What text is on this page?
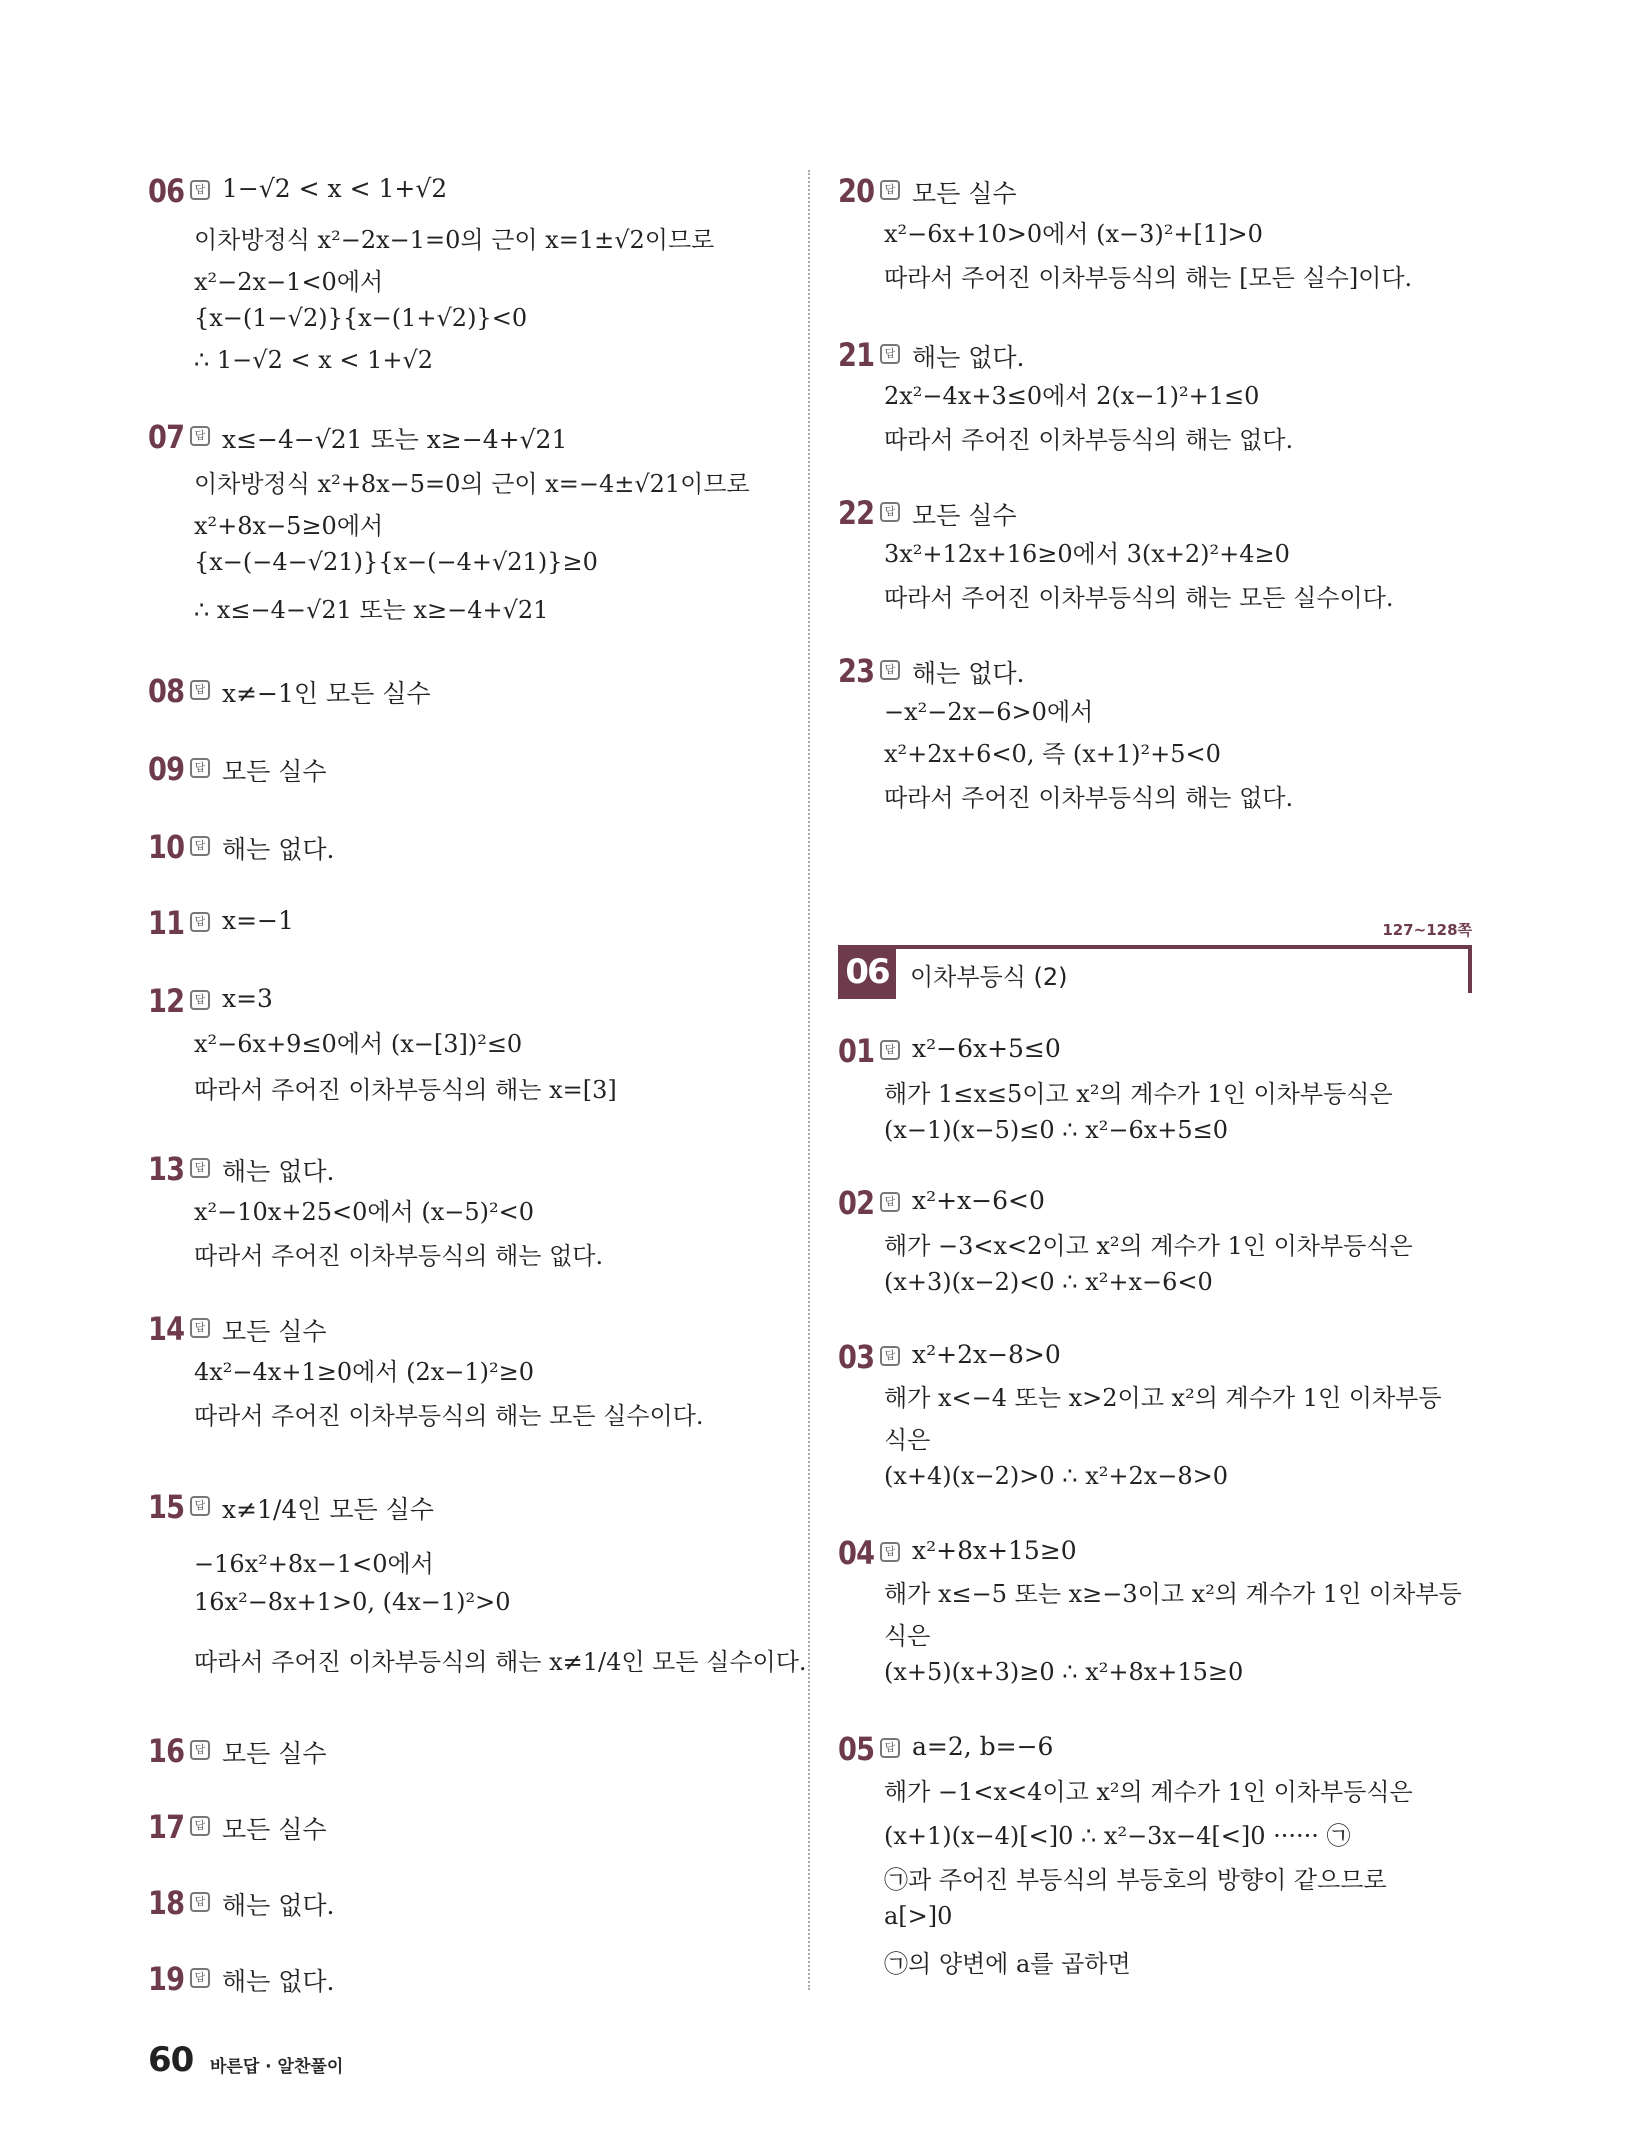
06 답 1−√2 < x < 1+√2
이차방정식 x²−2x−1=0의 근이 x=1±√2이므로
x²−2x−1<0에서
{x−(1−√2)}{x−(1+√2)}<0
∴ 1−√2 < x < 1+√2
07 답 x≤−4−√21 또는 x≥−4+√21
이차방정식 x²+8x−5=0의 근이 x=−4±√21이므로
x²+8x−5≥0에서
{x−(−4−√21)}{x−(−4+√21)}≥0
∴ x≤−4−√21 또는 x≥−4+√21
08 답 x≠−1인 모든 실수
09 답 모든 실수
10 답 해는 없다.
11 답 x=−1
12 답 x=3
x²−6x+9≤0에서 (x−[3])²≤0
따라서 주어진 이차부등식의 해는 x=[3]
13 답 해는 없다.
x²−10x+25<0에서 (x−5)²<0
따라서 주어진 이차부등식의 해는 없다.
14 답 모든 실수
4x²−4x+1≥0에서 (2x−1)²≥0
따라서 주어진 이차부등식의 해는 모든 실수이다.
15 답 x≠1/4인 모든 실수
−16x²+8x−1<0에서
16x²−8x+1>0, (4x−1)²>0
따라서 주어진 이차부등식의 해는 x≠1/4인 모든 실수이다.
16 답 모든 실수
17 답 모든 실수
18 답 해는 없다.
19 답 해는 없다.
20 답 모든 실수
x²−6x+10>0에서 (x−3)²+[1]>0
따라서 주어진 이차부등식의 해는 [모든 실수]이다.
21 답 해는 없다.
2x²−4x+3≤0에서 2(x−1)²+1≤0
따라서 주어진 이차부등식의 해는 없다.
22 답 모든 실수
3x²+12x+16≥0에서 3(x+2)²+4≥0
따라서 주어진 이차부등식의 해는 모든 실수이다.
23 답 해는 없다.
−x²−2x−6>0에서
x²+2x+6<0, 즉 (x+1)²+5<0
따라서 주어진 이차부등식의 해는 없다.
127~128쪽
06 이차부등식 (2)
01 답 x²−6x+5≤0
해가 1≤x≤5이고 x²의 계수가 1인 이차부등식은
(x−1)(x−5)≤0 ∴ x²−6x+5≤0
02 답 x²+x−6<0
해가 −3<x<2이고 x²의 계수가 1인 이차부등식은
(x+3)(x−2)<0 ∴ x²+x−6<0
03 답 x²+2x−8>0
해가 x<−4 또는 x>2이고 x²의 계수가 1인 이차부등
식은
(x+4)(x−2)>0 ∴ x²+2x−8>0
04 답 x²+8x+15≥0
해가 x≤−5 또는 x≥−3이고 x²의 계수가 1인 이차부등
식은
(x+5)(x+3)≥0 ∴ x²+8x+15≥0
05 답 a=2, b=−6
해가 −1<x<4이고 x²의 계수가 1인 이차부등식은
(x+1)(x−4)[<]0 ∴ x²−3x−4[<]0 ······ ㉠
㉠과 주어진 부등식의 부등호의 방향이 같으므로
a[>]0
㉠의 양변에 a를 곱하면
60 바른답 · 알찬풀이
